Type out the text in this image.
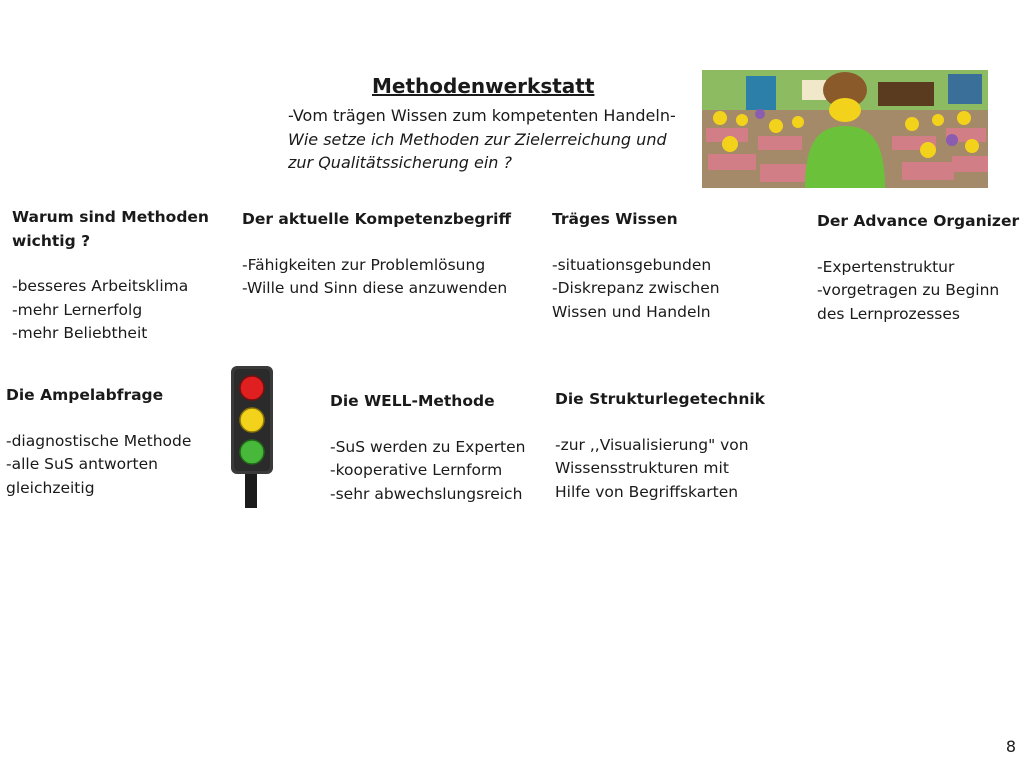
Methodenwerkstatt
-Vom trägen Wissen zum kompetenten Handeln-
Wie setze ich Methoden zur Zielerreichung und
zur Qualitätssicherung ein ?
Warum sind Methoden
wichtig ?
-besseres Arbeitsklima
-mehr Lernerfolg
-mehr Beliebtheit
Der aktuelle Kompetenzbegriff
-Fähigkeiten zur Problemlösung
-Wille und Sinn diese anzuwenden
Träges Wissen
-situationsgebunden
-Diskrepanz zwischen
Wissen und Handeln
Der Advance Organizer
-Expertenstruktur
-vorgetragen zu Beginn
des Lernprozesses
Die Ampelabfrage
-diagnostische Methode
-alle SuS antworten
gleichzeitig
Die WELL-Methode
-SuS werden zu Experten
-kooperative Lernform
-sehr abwechslungsreich
Die Strukturlegetechnik
-zur ,,Visualisierung" von
Wissensstrukturen mit
Hilfe von Begriffskarten
8
